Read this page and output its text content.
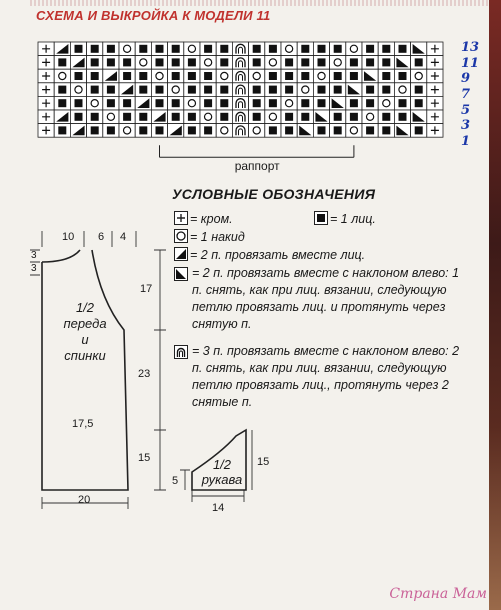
СХЕМА И ВЫКРОЙКА К МОДЕЛИ 11
раппорт
13
11
9
7
5
3
1
УСЛОВНЫЕ ОБОЗНАЧЕНИЯ
= кром.	= 1 лиц.
= 1 накид
= 2 п. провязать вместе лиц.
= 2 п. провязать вместе с наклоном влево: 1 п. снять, как при лиц. вязании, следующую петлю провязать лиц. и протянуть через снятую п.
= 3 п. провязать вместе с наклоном влево: 2 п. снять, как при лиц. вязании, следующую петлю провязать лиц., протянуть через 2 снятые п.
10 6 4
3
3
17
23
15
1/2
переда
и
спинки
17,5
20
1/2
рукава
5
15
14
Страна Мам
